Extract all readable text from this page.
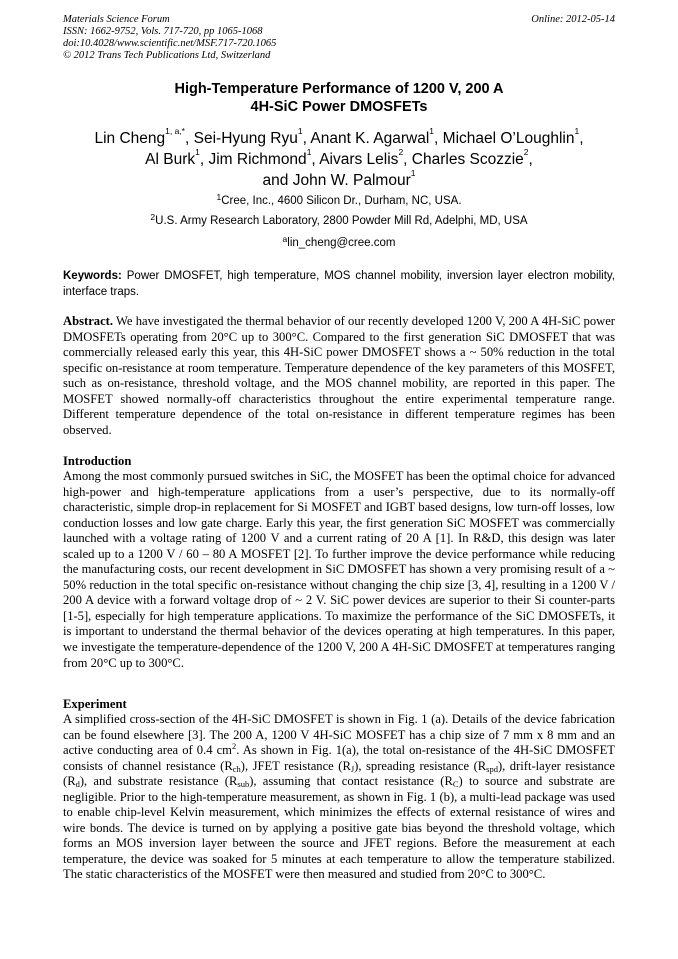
Materials Science Forum
ISSN: 1662-9752, Vols. 717-720, pp 1065-1068
doi:10.4028/www.scientific.net/MSF.717-720.1065
© 2012 Trans Tech Publications Ltd, Switzerland
Online: 2012-05-14
High-Temperature Performance of 1200 V, 200 A
4H-SiC Power DMOSFETs
Lin Cheng$^{1, a,*}$, Sei-Hyung Ryu$^1$, Anant K. Agarwal$^1$, Michael O’Loughlin$^1$,
Al Burk$^1$, Jim Richmond$^1$, Aivars Lelis$^2$, Charles Scozzie$^2$,
and John W. Palmour$^1$
$^1$Cree, Inc., 4600 Silicon Dr., Durham, NC, USA.
$^2$U.S. Army Research Laboratory, 2800 Powder Mill Rd, Adelphi, MD, USA
$^a$lin_cheng@cree.com
Keywords: Power DMOSFET, high temperature, MOS channel mobility, inversion layer electron mobility, interface traps.
Abstract. We have investigated the thermal behavior of our recently developed 1200 V, 200 A 4H-SiC power DMOSFETs operating from 20°C up to 300°C. Compared to the first generation SiC DMOSFET that was commercially released early this year, this 4H-SiC power DMOSFET shows a ~ 50% reduction in the total specific on-resistance at room temperature. Temperature dependence of the key parameters of this MOSFET, such as on-resistance, threshold voltage, and the MOS channel mobility, are reported in this paper. The MOSFET showed normally-off characteristics throughout the entire experimental temperature range. Different temperature dependence of the total on-resistance in different temperature regimes has been observed.
Introduction
Among the most commonly pursued switches in SiC, the MOSFET has been the optimal choice for advanced high-power and high-temperature applications from a user’s perspective, due to its normally-off characteristic, simple drop-in replacement for Si MOSFET and IGBT based designs, low turn-off losses, low conduction losses and low gate charge. Early this year, the first generation SiC MOSFET was commercially launched with a voltage rating of 1200 V and a current rating of 20 A [1]. In R&D, this design was later scaled up to a 1200 V / 60 – 80 A MOSFET [2]. To further improve the device performance while reducing the manufacturing costs, our recent development in SiC DMOSFET has shown a very promising result of a ~ 50% reduction in the total specific on-resistance without changing the chip size [3, 4], resulting in a 1200 V / 200 A device with a forward voltage drop of ~ 2 V. SiC power devices are superior to their Si counter-parts [1-5], especially for high temperature applications. To maximize the performance of the SiC DMOSFETs, it is important to understand the thermal behavior of the devices operating at high temperatures. In this paper, we investigate the temperature-dependence of the 1200 V, 200 A 4H-SiC DMOSFET at temperatures ranging from 20°C up to 300°C.
Experiment
A simplified cross-section of the 4H-SiC DMOSFET is shown in Fig. 1 (a). Details of the device fabrication can be found elsewhere [3]. The 200 A, 1200 V 4H-SiC MOSFET has a chip size of 7 mm x 8 mm and an active conducting area of 0.4 $cm^2$. As shown in Fig. 1(a), the total on-resistance of the 4H-SiC DMOSFET consists of channel resistance $(R_{ch})$, JFET resistance $(R_J)$, spreading resistance $(R_{spd})$, drift-layer resistance $(R_d)$, and substrate resistance $(R_{sub})$, assuming that contact resistance $(R_C)$ to source and substrate are negligible. Prior to the high-temperature measurement, as shown in Fig. 1 (b), a multi-lead package was used to enable chip-level Kelvin measurement, which minimizes the effects of external resistance of wires and wire bonds. The device is turned on by applying a positive gate bias beyond the threshold voltage, which forms an MOS inversion layer between the source and JFET regions. Before the measurement at each temperature, the device was soaked for 5 minutes at each temperature to allow the temperature stabilized. The static characteristics of the MOSFET were then measured and studied from 20°C to 300°C.
